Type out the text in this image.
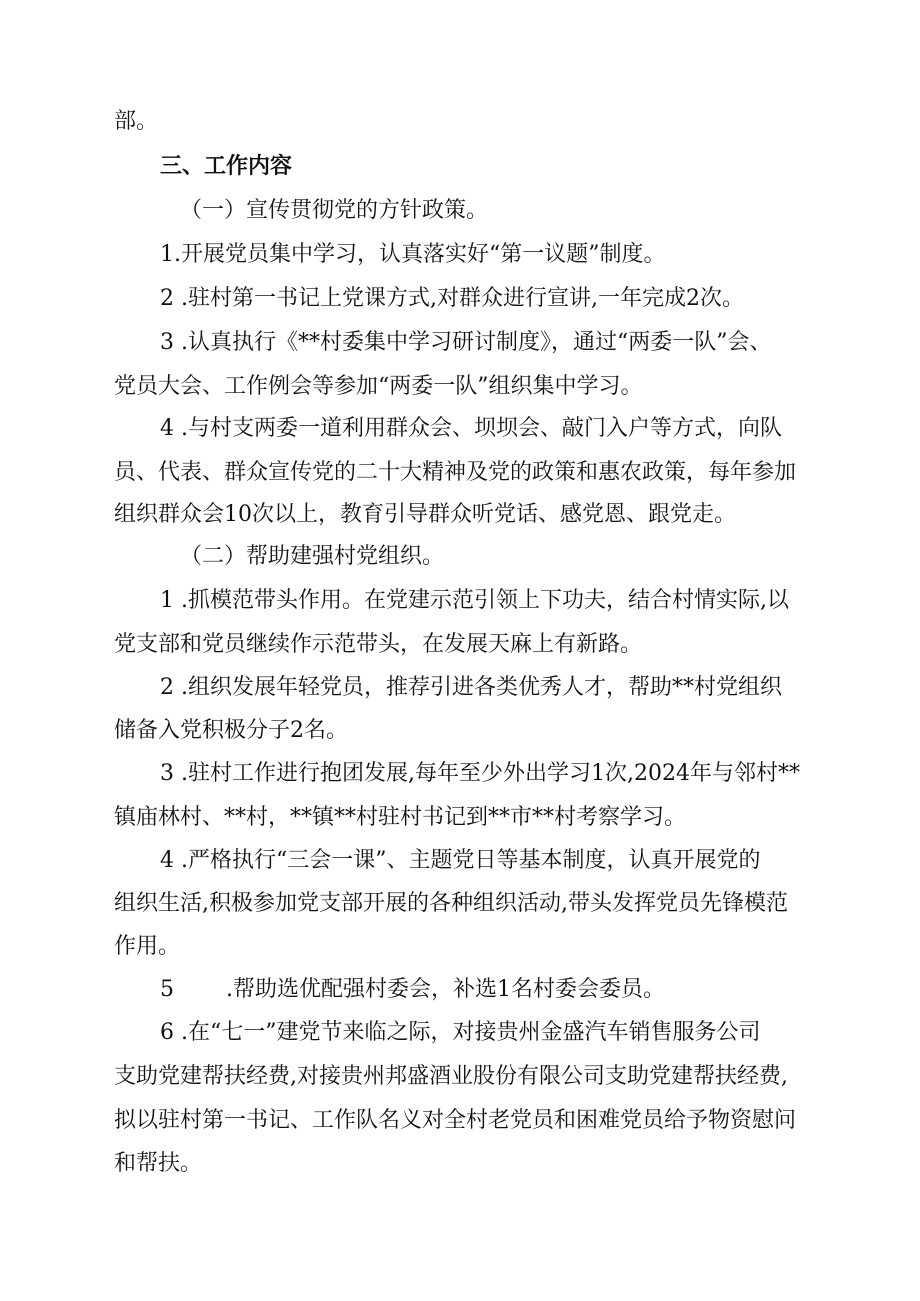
部。
三、工作内容
（一）宣传贯彻党的方针政策。
1.开展党员集中学习，认真落实好“第一议题”制度。
2 .驻村第一书记上党课方式,对群众进行宣讲,一年完成2次。
3 .认真执行《**村委集中学习研讨制度》，通过“两委一队”会、
党员大会、工作例会等参加“两委一队”组织集中学习。
4 .与村支两委一道利用群众会、坝坝会、敲门入户等方式，向队
员、代表、群众宣传党的二十大精神及党的政策和惠农政策，每年参加
组织群众会10次以上，教育引导群众听党话、感党恩、跟党走。
（二）帮助建强村党组织。
1 .抓模范带头作用。在党建示范引领上下功夫，结合村情实际,以
党支部和党员继续作示范带头，在发展天麻上有新路。
2 .组织发展年轻党员，推荐引进各类优秀人才，帮助**村党组织
储备入党积极分子2名。
3 .驻村工作进行抱团发展,每年至少外出学习1次,2024年与邻村**
镇庙林村、**村，**镇**村驻村书记到**市**村考察学习。
4 .严格执行“三会一课”、主题党日等基本制度，认真开展党的
组织生活,积极参加党支部开展的各种组织活动,带头发挥党员先锋模范
作用。
5 .帮助选优配强村委会，补选1名村委会委员。
6 .在“七一”建党节来临之际，对接贵州金盛汽车销售服务公司
支助党建帮扶经费,对接贵州邦盛酒业股份有限公司支助党建帮扶经费,
拟以驻村第一书记、工作队名义对全村老党员和困难党员给予物资慰问
和帮扶。
